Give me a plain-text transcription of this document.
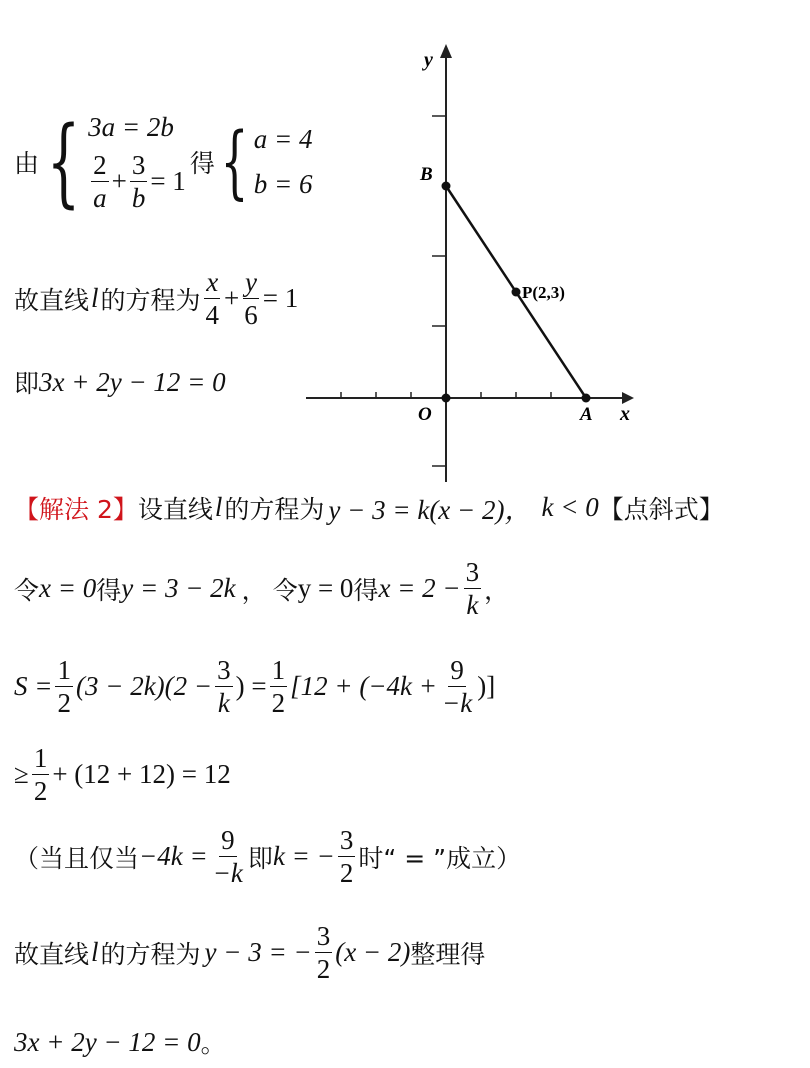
由 { 3a = 2b
$\frac{2}{a} + \frac{3}{b} = 1$
得 { a = 4
b = 6
故直线 l 的方程为 $\frac{x}{4} + \frac{y}{6} = 1$
即 3x + 2y − 12 = 0
y
x
O	A
B
P(2,3)
【解法 2】 设直线 l 的方程为 y − 3 = k(x − 2)， k < 0 【点斜式】
令 x = 0 得 y = 3 − 2k ， 令 y = 0 得 $x = 2 - \frac{3}{k}$ ，
$S = \frac{1}{2} (3 - 2k)(2 - \frac{3}{k}$ ) = $\frac{1}{2} [12 + (-4k + \frac{9}{-k}$ )]
≥ $\frac{1}{2} + (12 + 12) = 12$
（当且仅当 $-4k = \frac{9}{-k}$ 即 k = − $\frac{3}{2}$ 时“ = ”成立）
故直线 l 的方程为 y − 3 = − $\frac{3}{2} (x - 2)$ 整理得
3x + 2y − 12 = 0 。
